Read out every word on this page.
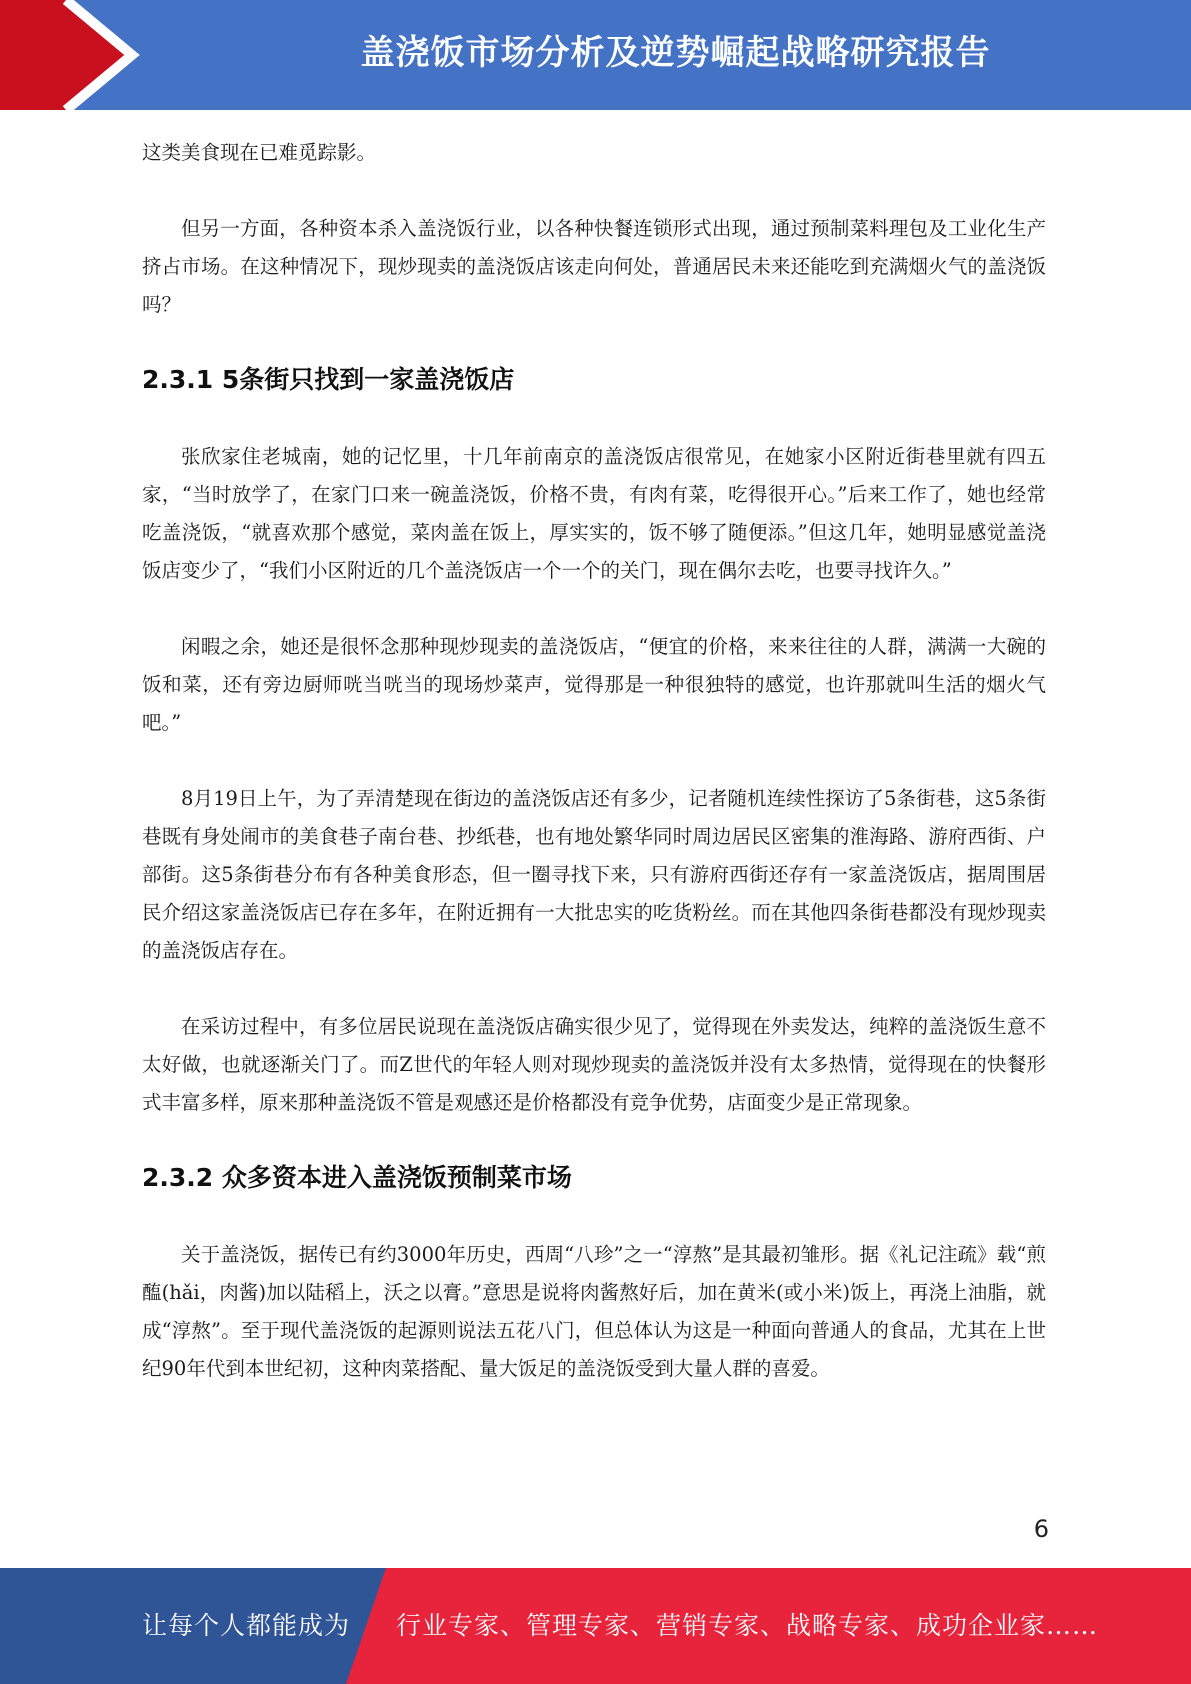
盖浇饭市场分析及逆势崛起战略研究报告

这类美食现在已难觅踪影。

但另一方面，各种资本杀入盖浇饭行业，以各种快餐连锁形式出现，通过预制菜料理包及工业化生产挤占市场。在这种情况下，现炒现卖的盖浇饭店该走向何处，普通居民未来还能吃到充满烟火气的盖浇饭吗？

2.3.1 5条街只找到一家盖浇饭店

张欣家住老城南，她的记忆里，十几年前南京的盖浇饭店很常见，在她家小区附近街巷里就有四五家，“当时放学了，在家门口来一碗盖浇饭，价格不贵，有肉有菜，吃得很开心。”后来工作了，她也经常吃盖浇饭，“就喜欢那个感觉，菜肉盖在饭上，厚实实的，饭不够了随便添。”但这几年，她明显感觉盖浇饭店变少了，“我们小区附近的几个盖浇饭店一个一个的关门，现在偶尔去吃，也要寻找许久。”

闲暇之余，她还是很怀念那种现炒现卖的盖浇饭店，“便宜的价格，来来往往的人群，满满一大碗的饭和菜，还有旁边厨师咣当咣当的现场炒菜声，觉得那是一种很独特的感觉，也许那就叫生活的烟火气吧。”

8月19日上午，为了弄清楚现在街边的盖浇饭店还有多少，记者随机连续性探访了5条街巷，这5条街巷既有身处闹市的美食巷子南台巷、抄纸巷，也有地处繁华同时周边居民区密集的淮海路、游府西街、户部街。这5条街巷分布有各种美食形态，但一圈寻找下来，只有游府西街还存有一家盖浇饭店，据周围居民介绍这家盖浇饭店已存在多年，在附近拥有一大批忠实的吃货粉丝。而在其他四条街巷都没有现炒现卖的盖浇饭店存在。

在采访过程中，有多位居民说现在盖浇饭店确实很少见了，觉得现在外卖发达，纯粹的盖浇饭生意不太好做，也就逐渐关门了。而Z世代的年轻人则对现炒现卖的盖浇饭并没有太多热情，觉得现在的快餐形式丰富多样，原来那种盖浇饭不管是观感还是价格都没有竞争优势，店面变少是正常现象。

2.3.2 众多资本进入盖浇饭预制菜市场

关于盖浇饭，据传已有约3000年历史，西周“八珍”之一“淳熬”是其最初雏形。据《礼记注疏》载“煎醢(hǎi，肉酱)加以陆稻上，沃之以膏。”意思是说将肉酱熬好后，加在黄米(或小米)饭上，再浇上油脂，就成“淳熬”。至于现代盖浇饭的起源则说法五花八门，但总体认为这是一种面向普通人的食品，尤其在上世纪90年代到本世纪初，这种肉菜搭配、量大饭足的盖浇饭受到大量人群的喜爱。

6
让每个人都能成为 行业专家、管理专家、营销专家、战略专家、成功企业家……
